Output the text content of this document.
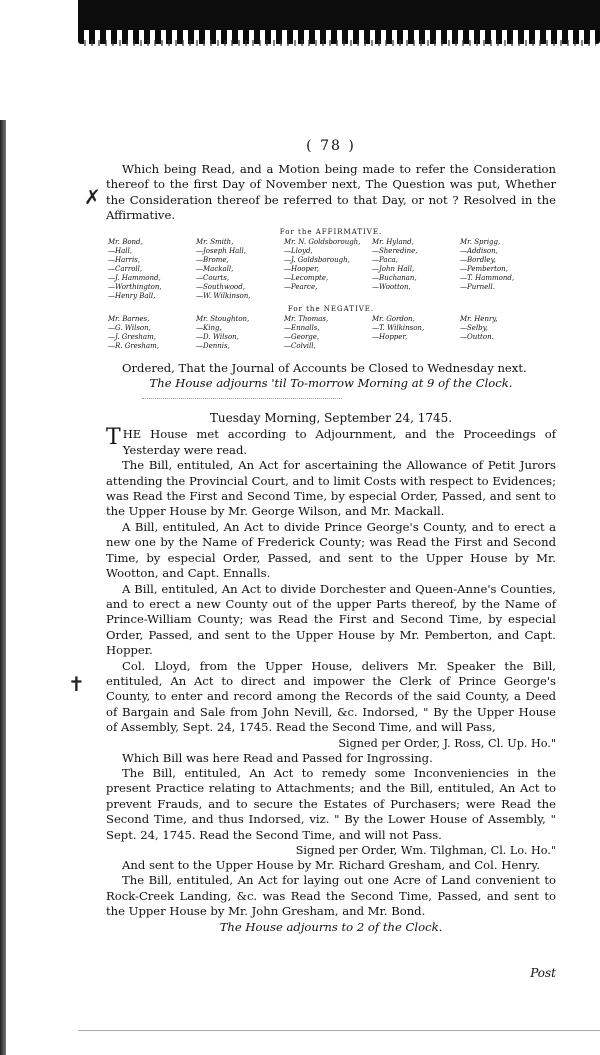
✗
✝
( 78 )

Which being Read, and a Motion being made to refer the Consideration thereof to the first Day of November next, The Question was put, Whether the Consideration thereof be referred to that Day, or not ? Resolved in the Affirmative.

For the AFFIRMATIVE.
Mr. Bond,
—Hall,
—Harris,
—Carroll,
—J. Hammond,
—Worthington,
—Henry Ball,
Mr. Smith,
—Joseph Hall,
—Brome,
—Mackall,
—Courts,
—Southwood,
—W. Wilkinson,
Mr. N. Goldsborough,
—Lloyd,
—J. Goldsborough,
—Hooper,
—Lecompte,
—Pearce,
Mr. Hyland,
—Sheredine,
—Paca,
—John Hall,
—Buchanan,
—Wootton,
Mr. Sprigg,
—Addison,
—Bordley,
—Pemberton,
—T. Hammond,
—Purnell.
For the NEGATIVE.
Mr. Barnes,
—G. Wilson,
—J. Gresham,
—R. Gresham,
Mr. Stoughton,
—King,
—D. Wilson,
—Dennis,
Mr. Thomas,
—Ennalls,
—George,
—Colvill,
Mr. Gordon,
—T. Wilkinson,
—Hopper,
Mr. Henry,
—Selby,
—Outton.

Ordered, That the Journal of Accounts be Closed to Wednesday next.

The House adjourns 'til To-morrow Morning at 9 of the Clock.
Tuesday Morning, September 24, 1745.

THE House met according to Adjournment, and the Proceedings of Yesterday were read.

The Bill, entituled, An Act for ascertaining the Allowance of Petit Jurors attending the Provincial Court, and to limit Costs with respect to Evidences; was Read the First and Second Time, by especial Order, Passed, and sent to the Upper House by Mr. George Wilson, and Mr. Mackall.

A Bill, entituled, An Act to divide Prince George's County, and to erect a new one by the Name of Frederick County; was Read the First and Second Time, by especial Order, Passed, and sent to the Upper House by Mr. Wootton, and Capt. Ennalls.

A Bill, entituled, An Act to divide Dorchester and Queen-Anne's Counties, and to erect a new County out of the upper Parts thereof, by the Name of Prince-William County; was Read the First and Second Time, by especial Order, Passed, and sent to the Upper House by Mr. Pemberton, and Capt. Hopper.

Col. Lloyd, from the Upper House, delivers Mr. Speaker the Bill, entituled, An Act to direct and impower the Clerk of Prince George's County, to enter and record among the Records of the said County, a Deed of Bargain and Sale from John Nevill, &c. Indorsed, " By the Upper House of Assembly, Sept. 24, 1745. Read the Second Time, and will Pass,

Signed per Order, J. Ross, Cl. Up. Ho."

Which Bill was here Read and Passed for Ingrossing.

The Bill, entituled, An Act to remedy some Inconveniencies in the present Practice relating to Attachments; and the Bill, entituled, An Act to prevent Frauds, and to secure the Estates of Purchasers; were Read the Second Time, and thus Indorsed, viz. " By the Lower House of Assembly, " Sept. 24, 1745. Read the Second Time, and will not Pass.

Signed per Order, Wm. Tilghman, Cl. Lo. Ho."

And sent to the Upper House by Mr. Richard Gresham, and Col. Henry.

The Bill, entituled, An Act for laying out one Acre of Land convenient to Rock-Creek Landing, &c. was Read the Second Time, Passed, and sent to the Upper House by Mr. John Gresham, and Mr. Bond.

The House adjourns to 2 of the Clock.
Post
